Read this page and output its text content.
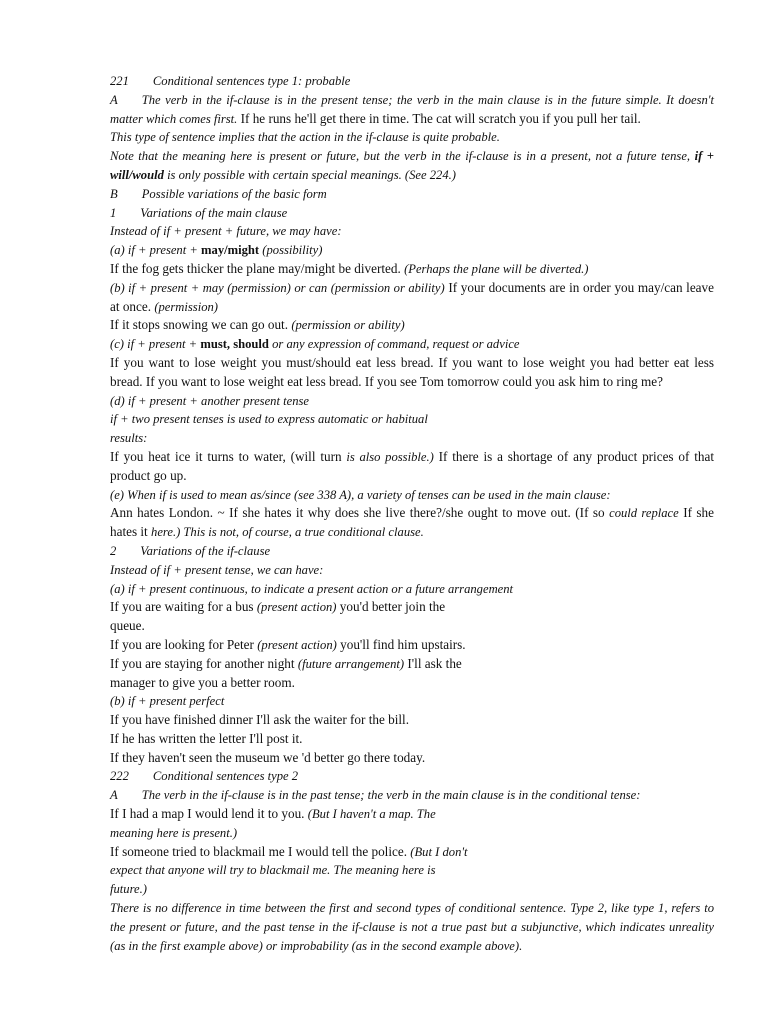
221 Conditional sentences type 1: probable

A The verb in the if-clause is in the present tense; the verb in the main clause is in the future simple. It doesn't matter which comes first. If he runs he'll get there in time. The cat will scratch you if you pull her tail.

This type of sentence implies that the action in the if-clause is quite probable.

Note that the meaning here is present or future, but the verb in the if-clause is in a present, not a future tense, if + will/would is only possible with certain special meanings. (See 224.)

B Possible variations of the basic form

1 Variations of the main clause

Instead of if + present + future, we may have:

(a) if + present + may/might (possibility)

If the fog gets thicker the plane may/might be diverted. (Perhaps the plane will be diverted.)

(b) if + present + may (permission) or can (permission or ability) If your documents are in order you may/can leave at once. (permission)

If it stops snowing we can go out. (permission or ability)

(c) if + present + must, should or any expression of command, request or advice

If you want to lose weight you must/should eat less bread. If you want to lose weight you had better eat less bread. If you want to lose weight eat less bread. If you see Tom tomorrow could you ask him to ring me?

(d) if + present + another present tense

if + two present tenses is used to express automatic or habitual

results:

If you heat ice it turns to water, (will turn is also possible.) If there is a shortage of any product prices of that product go up.

(e) When if is used to mean as/since (see 338 A), a variety of tenses can be used in the main clause:

Ann hates London. ~ If she hates it why does she live there?/she ought to move out. (If so could replace If she hates it here.) This is not, of course, a true conditional clause.

2 Variations of the if-clause

Instead of if + present tense, we can have:

(a) if + present continuous, to indicate a present action or a future arrangement

If you are waiting for a bus (present action) you'd better join the

queue.

If you are looking for Peter (present action) you'll find him upstairs.

If you are staying for another night (future arrangement) I'll ask the

manager to give you a better room.

(b) if + present perfect

If you have finished dinner I'll ask the waiter for the bill.

If he has written the letter I'll post it.

If they haven't seen the museum we 'd better go there today.

222 Conditional sentences type 2

A The verb in the if-clause is in the past tense; the verb in the main clause is in the conditional tense:

If I had a map I would lend it to you. (But I haven't a map. The

meaning here is present.)

If someone tried to blackmail me I would tell the police. (But I don't

expect that anyone will try to blackmail me. The meaning here is

future.)

There is no difference in time between the first and second types of conditional sentence. Type 2, like type 1, refers to the present or future, and the past tense in the if-clause is not a true past but a subjunctive, which indicates unreality (as in the first example above) or improbability (as in the second example above).
